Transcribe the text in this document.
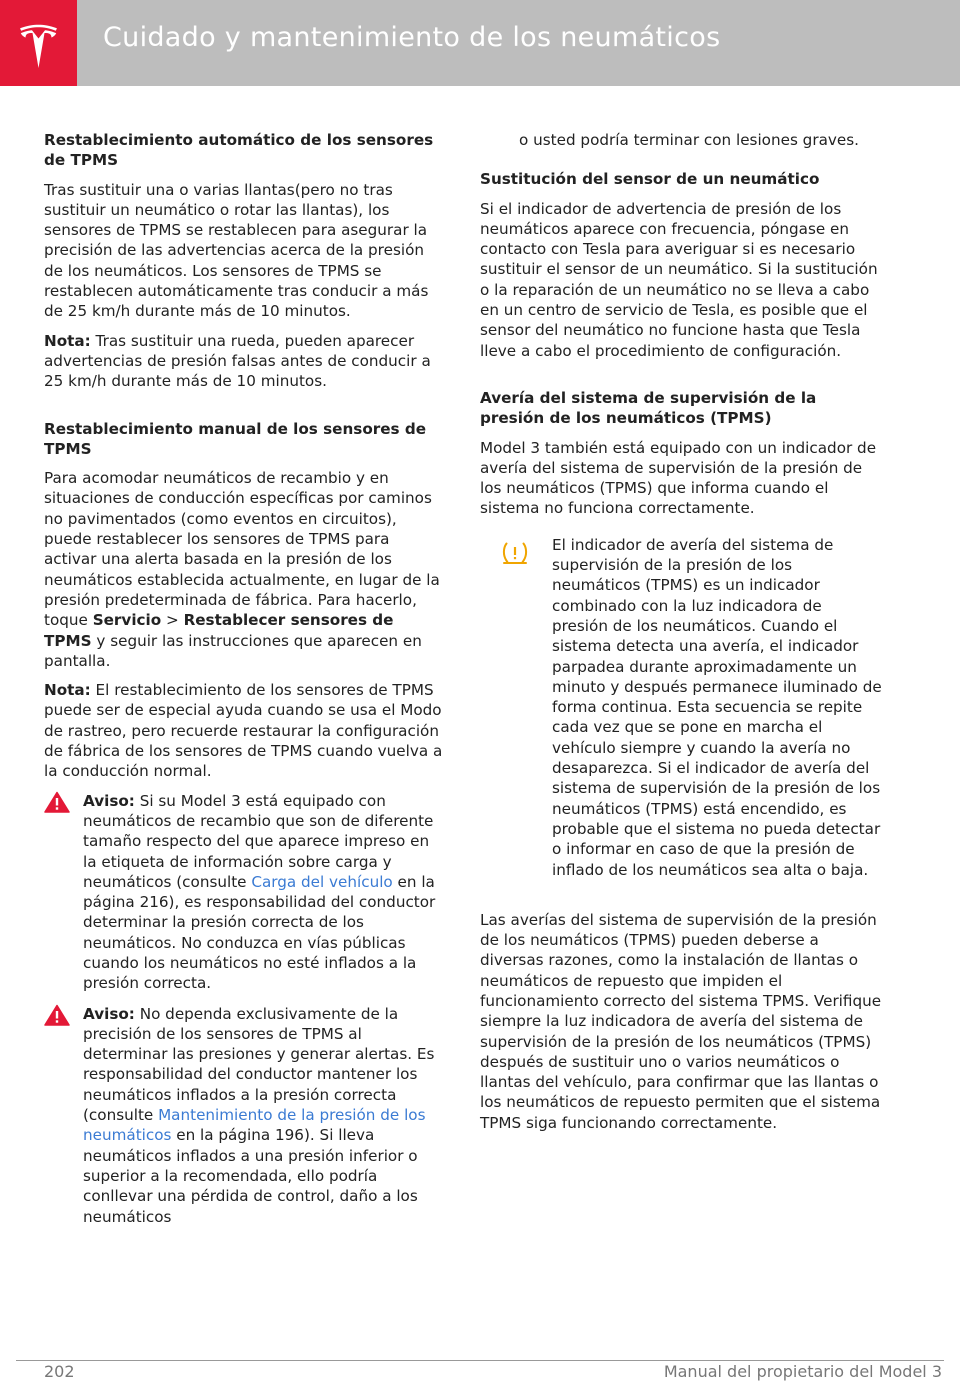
Cuidado y mantenimiento de los neumáticos
Restablecimiento automático de los sensores de TPMS

Tras sustituir una o varias llantas(pero no tras sustituir un neumático o rotar las llantas), los sensores de TPMS se restablecen para asegurar la precisión de las advertencias acerca de la presión de los neumáticos. Los sensores de TPMS se restablecen automáticamente tras conducir a más de 25 km/h durante más de 10 minutos.

Nota: Tras sustituir una rueda, pueden aparecer advertencias de presión falsas antes de conducir a 25 km/h durante más de 10 minutos.

Restablecimiento manual de los sensores de TPMS

Para acomodar neumáticos de recambio y en situaciones de conducción específicas por caminos no pavimentados (como eventos en circuitos), puede restablecer los sensores de TPMS para activar una alerta basada en la presión de los neumáticos establecida actualmente, en lugar de la presión predeterminada de fábrica. Para hacerlo, toque Servicio > Restablecer sensores de TPMS y seguir las instrucciones que aparecen en pantalla.

Nota: El restablecimiento de los sensores de TPMS puede ser de especial ayuda cuando se usa el Modo de rastreo, pero recuerde restaurar la configuración de fábrica de los sensores de TPMS cuando vuelva a la conducción normal.

Aviso: Si su Model 3 está equipado con neumáticos de recambio que son de diferente tamaño respecto del que aparece impreso en la etiqueta de información sobre carga y neumáticos (consulte Carga del vehículo en la página 216), es responsabilidad del conductor determinar la presión correcta de los neumáticos. No conduzca en vías públicas cuando los neumáticos no esté inflados a la presión correcta.
Aviso: No dependa exclusivamente de la precisión de los sensores de TPMS al determinar las presiones y generar alertas. Es responsabilidad del conductor mantener los neumáticos inflados a la presión correcta (consulte Mantenimiento de la presión de los neumáticos en la página 196). Si lleva neumáticos inflados a una presión inferior o superior a la recomendada, ello podría conllevar una pérdida de control, daño a los neumáticos

o usted podría terminar con lesiones graves.

Sustitución del sensor de un neumático

Si el indicador de advertencia de presión de los neumáticos aparece con frecuencia, póngase en contacto con Tesla para averiguar si es necesario sustituir el sensor de un neumático. Si la sustitución o la reparación de un neumático no se lleva a cabo en un centro de servicio de Tesla, es posible que el sensor del neumático no funcione hasta que Tesla lleve a cabo el procedimiento de configuración.

Avería del sistema de supervisión de la presión de los neumáticos (TPMS)

Model 3 también está equipado con un indicador de avería del sistema de supervisión de la presión de los neumáticos (TPMS) que informa cuando el sistema no funciona correctamente.

El indicador de avería del sistema de supervisión de la presión de los neumáticos (TPMS) es un indicador combinado con la luz indicadora de presión de los neumáticos. Cuando el sistema detecta una avería, el indicador parpadea durante aproximadamente un minuto y después permanece iluminado de forma continua. Esta secuencia se repite cada vez que se pone en marcha el vehículo siempre y cuando la avería no desaparezca. Si el indicador de avería del sistema de supervisión de la presión de los neumáticos (TPMS) está encendido, es probable que el sistema no pueda detectar o informar en caso de que la presión de inflado de los neumáticos sea alta o baja.

Las averías del sistema de supervisión de la presión de los neumáticos (TPMS) pueden deberse a diversas razones, como la instalación de llantas o neumáticos de repuesto que impiden el funcionamiento correcto del sistema TPMS. Verifique siempre la luz indicadora de avería del sistema de supervisión de la presión de los neumáticos (TPMS) después de sustituir uno o varios neumáticos o llantas del vehículo, para confirmar que las llantas o los neumáticos de repuesto permiten que el sistema TPMS siga funcionando correctamente.

202	Manual del propietario del Model 3
